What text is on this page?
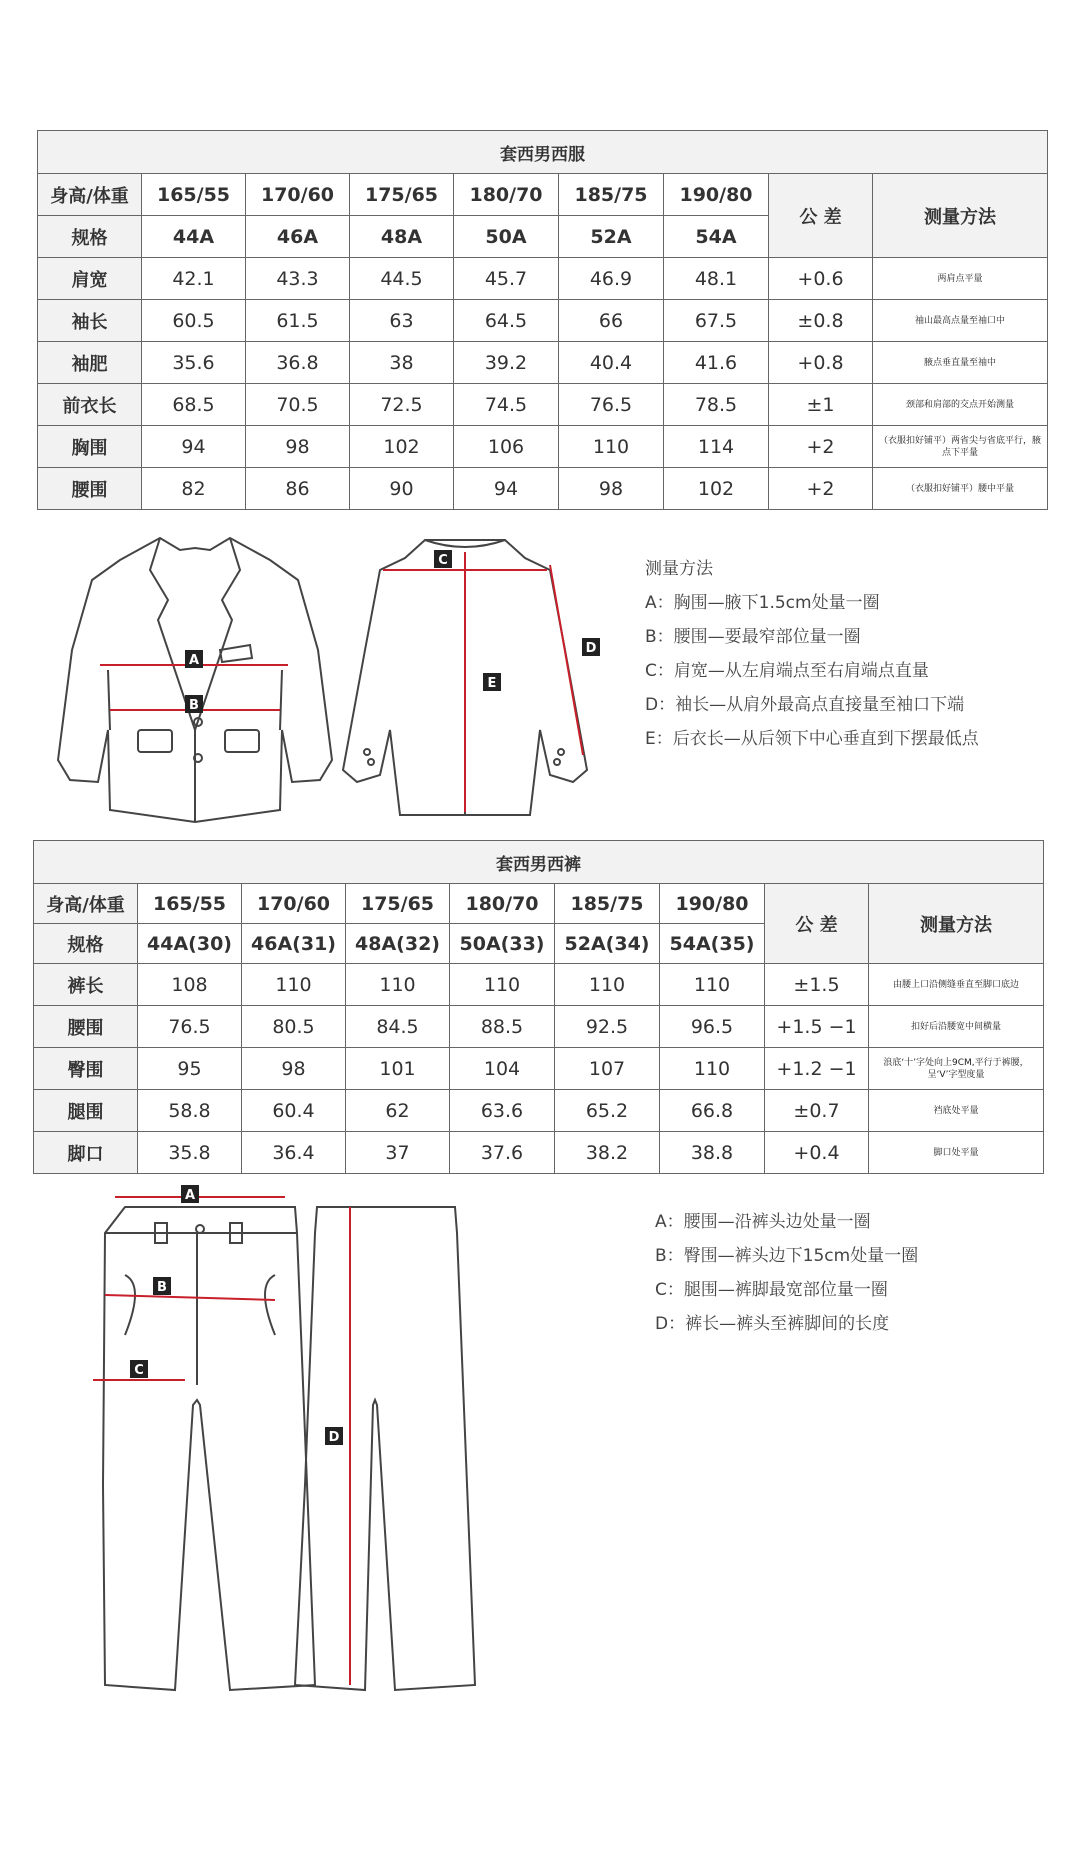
套西男西服								
身高/体重	165/55	170/60	175/65	180/70	185/75	190/80	公 差	测量方法
规格	44A	46A	48A	50A	52A	54A		
肩宽	42.1	43.3	44.5	45.7	46.9	48.1	+0.6	两肩点平量
袖长	60.5	61.5	63	64.5	66	67.5	±0.8	袖山最高点量至袖口中
袖肥	35.6	36.8	38	39.2	40.4	41.6	+0.8	腋点垂直量至袖中
前衣长	68.5	70.5	72.5	74.5	76.5	78.5	±1	颈部和肩部的交点开始测量
胸围	94	98	102	106	110	114	+2	（衣服扣好铺平）两省尖与省底平行，腋点下平量
腰围	82	86	90	94	98	102	+2	（衣服扣好铺平）腰中平量
A
B
C
E
D
测量方法
A：胸围—腋下1.5cm处量一圈
B：腰围—要最窄部位量一圈
C：肩宽—从左肩端点至右肩端点直量
D：袖长—从肩外最高点直接量至袖口下端
E：后衣长—从后领下中心垂直到下摆最低点
套西男西裤								
身高/体重	165/55	170/60	175/65	180/70	185/75	190/80	公 差	测量方法
规格	44A(30)	46A(31)	48A(32)	50A(33)	52A(34)	54A(35)		
裤长	108	110	110	110	110	110	±1.5	由腰上口沿侧缝垂直至脚口底边
腰围	76.5	80.5	84.5	88.5	92.5	96.5	+1.5 −1	扣好后沿腰宽中间横量
臀围	95	98	101	104	107	110	+1.2 −1	浪底‘十’字处向上9CM,平行于裤腰，呈‘V’字型度量
腿围	58.8	60.4	62	63.6	65.2	66.8	±0.7	裆底处平量
脚口	35.8	36.4	37	37.6	38.2	38.8	+0.4	脚口处平量
A
B
C
D
A：腰围—沿裤头边处量一圈
B：臀围—裤头边下15cm处量一圈
C：腿围—裤脚最宽部位量一圈
D：裤长—裤头至裤脚间的长度
